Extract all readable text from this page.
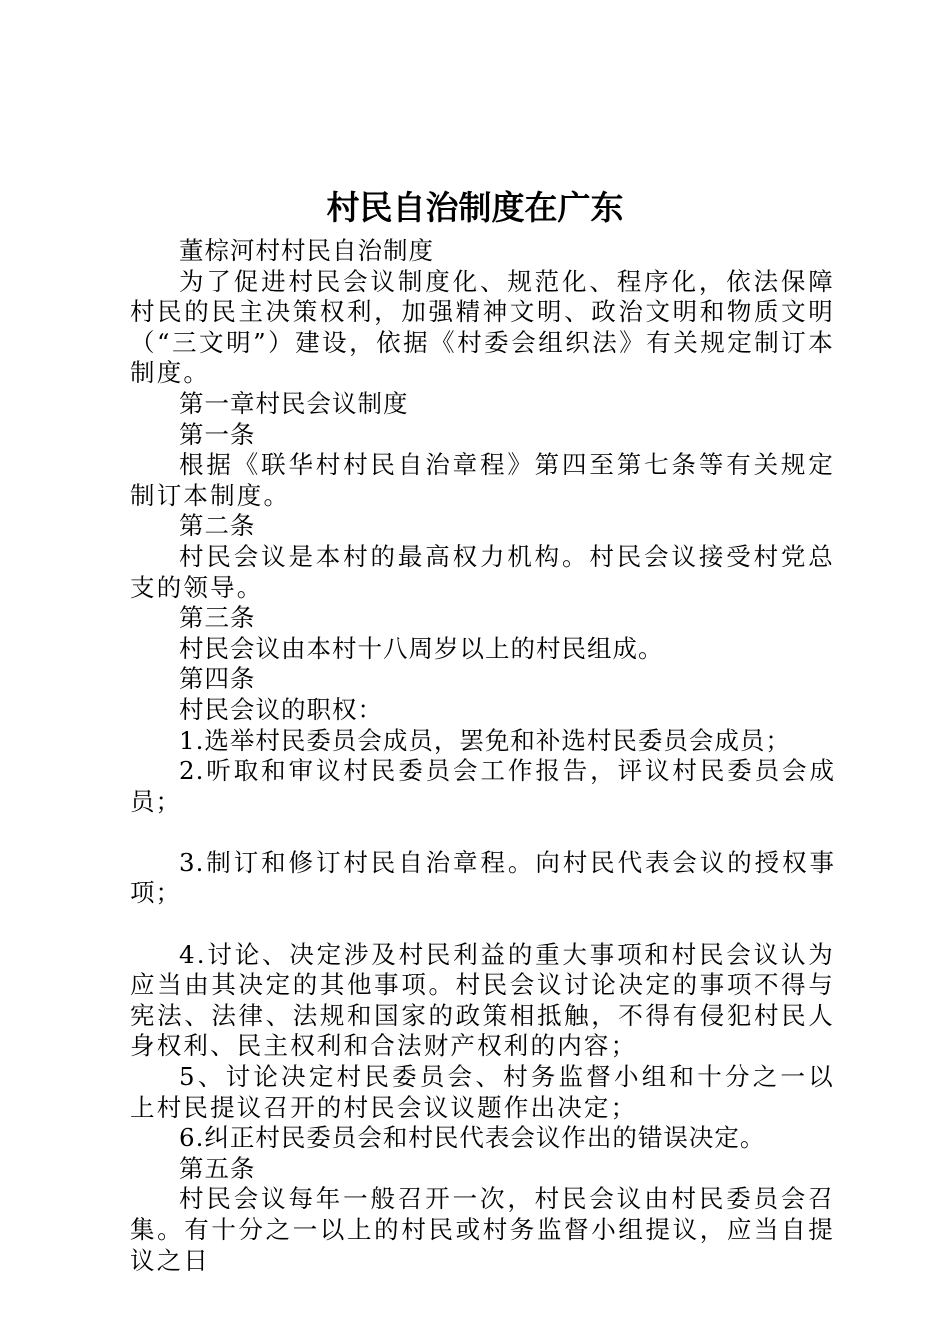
村民自治制度在广东

董棕河村村民自治制度

为了促进村民会议制度化、规范化、程序化，依法保障村民的民主决策权利，加强精神文明、政治文明和物质文明（“三文明”）建设，依据《村委会组织法》有关规定制订本制度。

第一章村民会议制度

第一条

根据《联华村村民自治章程》第四至第七条等有关规定制订本制度。

第二条

村民会议是本村的最高权力机构。村民会议接受村党总支的领导。

第三条

村民会议由本村十八周岁以上的村民组成。

第四条

村民会议的职权：

1.选举村民委员会成员，罢免和补选村民委员会成员；

2.听取和审议村民委员会工作报告，评议村民委员会成员；

3.制订和修订村民自治章程。向村民代表会议的授权事项；

4.讨论、决定涉及村民利益的重大事项和村民会议认为应当由其决定的其他事项。村民会议讨论决定的事项不得与宪法、法律、法规和国家的政策相抵触，不得有侵犯村民人身权利、民主权利和合法财产权利的内容；

5、讨论决定村民委员会、村务监督小组和十分之一以上村民提议召开的村民会议议题作出决定；

6.纠正村民委员会和村民代表会议作出的错误决定。

第五条

村民会议每年一般召开一次，村民会议由村民委员会召集。有十分之一以上的村民或村务监督小组提议，应当自提议之日
